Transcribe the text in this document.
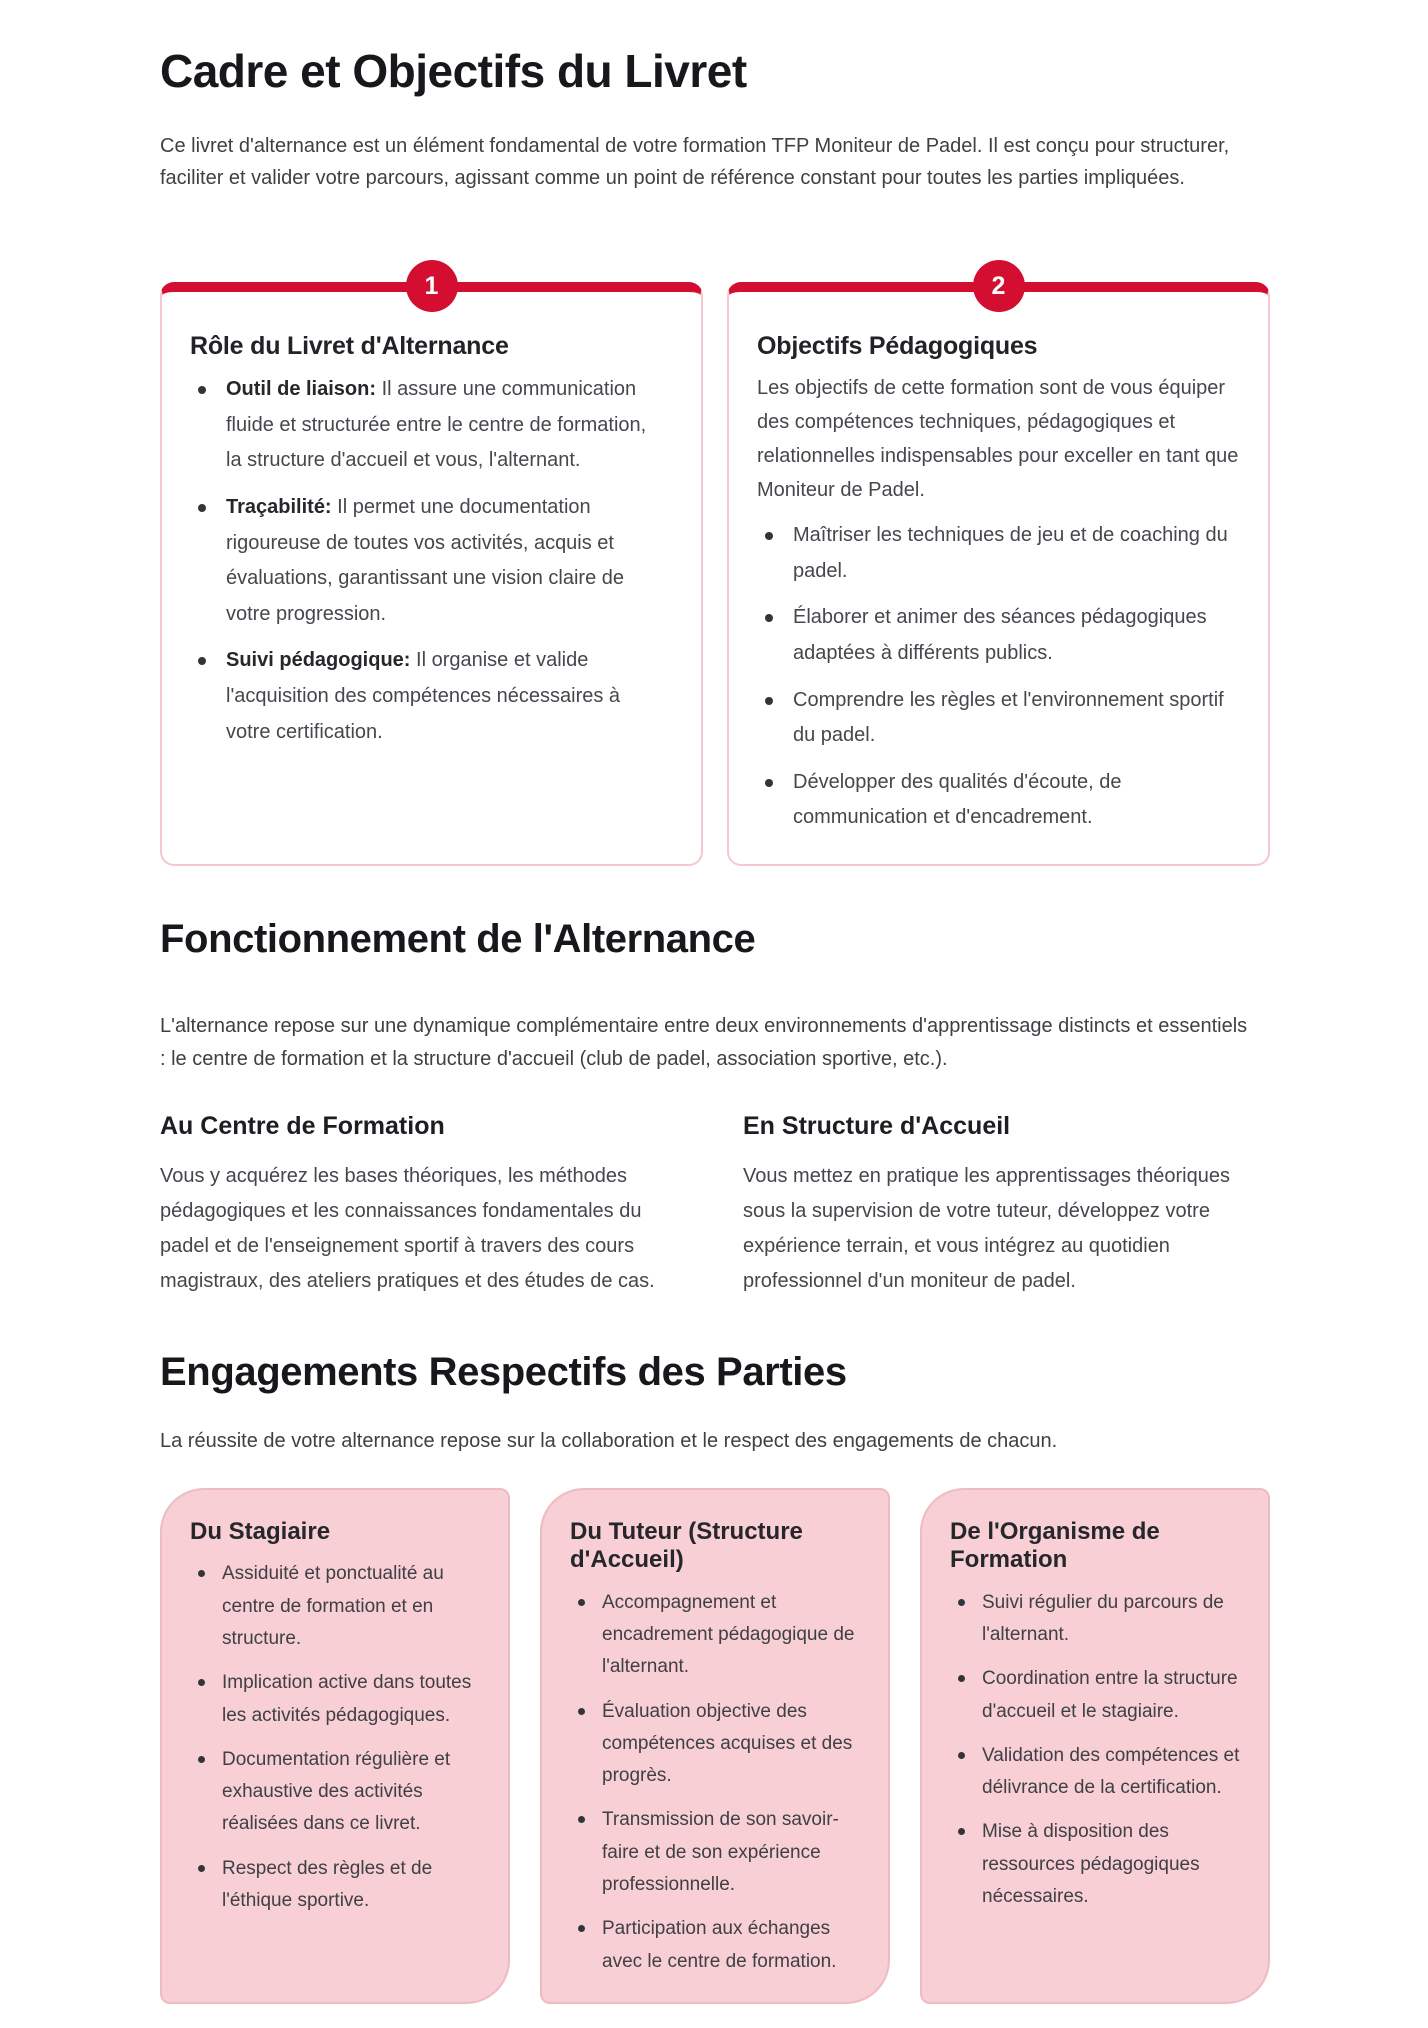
Cadre et Objectifs du Livret

Ce livret d'alternance est un élément fondamental de votre formation TFP Moniteur de Padel. Il est conçu pour structurer, faciliter et valider votre parcours, agissant comme un point de référence constant pour toutes les parties impliquées.

1
Rôle du Livret d'Alternance
Outil de liaison: Il assure une communication fluide et structurée entre le centre de formation, la structure d'accueil et vous, l'alternant.
Traçabilité: Il permet une documentation rigoureuse de toutes vos activités, acquis et évaluations, garantissant une vision claire de votre progression.
Suivi pédagogique: Il organise et valide l'acquisition des compétences nécessaires à votre certification.
2
Objectifs Pédagogiques

Les objectifs de cette formation sont de vous équiper des compétences techniques, pédagogiques et relationnelles indispensables pour exceller en tant que Moniteur de Padel.

Maîtriser les techniques de jeu et de coaching du padel.
Élaborer et animer des séances pédagogiques adaptées à différents publics.
Comprendre les règles et l'environnement sportif du padel.
Développer des qualités d'écoute, de communication et d'encadrement.
Fonctionnement de l'Alternance

L'alternance repose sur une dynamique complémentaire entre deux environnements d'apprentissage distincts et essentiels : le centre de formation et la structure d'accueil (club de padel, association sportive, etc.).

Au Centre de Formation

Vous y acquérez les bases théoriques, les méthodes pédagogiques et les connaissances fondamentales du padel et de l'enseignement sportif à travers des cours magistraux, des ateliers pratiques et des études de cas.

En Structure d'Accueil

Vous mettez en pratique les apprentissages théoriques sous la supervision de votre tuteur, développez votre expérience terrain, et vous intégrez au quotidien professionnel d'un moniteur de padel.

Engagements Respectifs des Parties

La réussite de votre alternance repose sur la collaboration et le respect des engagements de chacun.

Du Stagiaire
Assiduité et ponctualité au centre de formation et en structure.
Implication active dans toutes les activités pédagogiques.
Documentation régulière et exhaustive des activités réalisées dans ce livret.
Respect des règles et de l'éthique sportive.
Du Tuteur (Structure d'Accueil)
Accompagnement et encadrement pédagogique de l'alternant.
Évaluation objective des compétences acquises et des progrès.
Transmission de son savoir-faire et de son expérience professionnelle.
Participation aux échanges avec le centre de formation.
De l'Organisme de Formation
Suivi régulier du parcours de l'alternant.
Coordination entre la structure d'accueil et le stagiaire.
Validation des compétences et délivrance de la certification.
Mise à disposition des ressources pédagogiques nécessaires.
